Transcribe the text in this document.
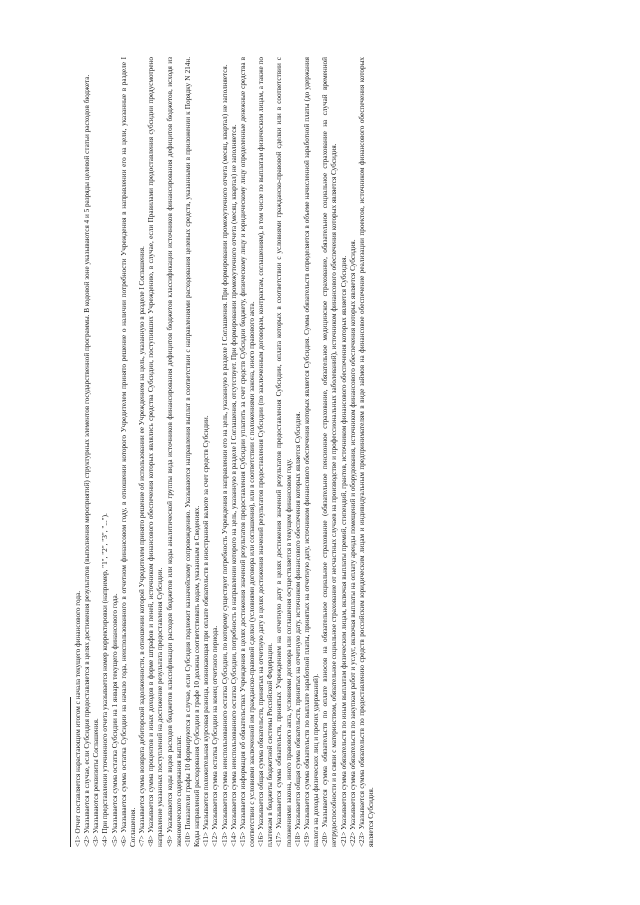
<1> Отчет составляется нарастающим итогом с начала текущего финансового года. <2> Указывается в случае, если Субсидия предоставляется в целях достижения результатов (выполнения мероприятий) структурных элементов государственной программы. В кодовой зоне указываются 4 и 5 разряды целевой статьи расходов бюджета. <3> Указываются реквизиты Соглашения. <4> При представлении уточненного отчета указывается номер корректировки (например, "1", "2", "3", "..."). <5> Указывается сумма остатка Субсидии на 1 января текущего финансового года. <6> Указывается сумма остатка Субсидии на начало года, неиспользованного в отчетном финансовом году, в отношении которого Учредителем принято решение о наличии потребности Учреждения в направлении его на цели, указанные в разделе I Соглашения. <7> Указывается сумма возврата дебиторской задолженности, в отношении которой Учредителем принято решение об использовании ее Учреждением на цель, указанную в разделе I Соглашения. <8> Указывается сумма процентов и иных доходов в форме штрафов и пеней, источником финансового обеспечения которых являлись средства Субсидии, поступивших Учреждению, в случае, если Правилами предоставления субсидии предусмотрено направление указанных поступлений на достижение результата предоставления Субсидии. <9> Указываются коды видов расходов бюджетов классификации расходов бюджетов или коды аналитической группы вида источников финансирования дефицитов бюджетов классификации источников финансирования дефицитов бюджетов, исходя из экономического содержания выплат. <10> Показатели графы 10 формируются в случае, если Субсидия подлежит казначейскому сопровождению. Указываются направления выплат в соответствии с направлениями расходования целевых средств, указанными в приложении к Порядку N 214н. Коды направлений расходования Субсидии в графе 10 должны соответствовать кодам, указанным в Сведениях. <11> Указывается положительная курсовая разница, возникающая при оплате обязательств в иностранной валюте за счет средств Субсидии. <12> Указывается сумма остатка Субсидии на конец отчетного периода. <13> Указывается сумма неиспользованного остатка Субсидии, по которому существует потребность Учреждения в направлении его на цель, указанную в разделе I Соглашения. При формировании промежуточного отчета (месяц, квартал) не заполняется. <14> Указывается сумма неиспользованного остатка Субсидии, потребность в направлении которого на цель, указанную в разделе I Соглашения, отсутствует. При формировании промежуточного отчета (месяц, квартал) не заполняется. <15> Указывается информация об обязательствах Учреждения в целях достижения значений результатов предоставления Субсидии уплатить за счет средств Субсидии бюджету, физическому лицу и юридическому лицу определенные денежные средства в соответствии с условиями заключенной им гражданско-правовой сделки (условиями договора или соглашения), или в соответствии с положениями закона, иного правового акта. <16> Указывается общая сумма обязательств, принятых на отчетную дату в целях достижения значений результатов предоставления Субсидии (по заключенным договорам, контрактам, соглашениям), в том числе по выплатам физическим лицам, а также по платежам в бюджеты бюджетной системы Российской Федерации. <17> Указывается сумма обязательств, принятых Учреждением на отчетную дату в целях достижения значений результатов предоставления Субсидии, оплата которых в соответствии с условиями гражданско-правовой сделки или в соответствии с положениями закона, иного правового акта, условиями договора или соглашения осуществляется в текущем финансовом году. <18> Указывается общая сумма обязательств, принятых на отчетную дату, источником финансового обеспечения которых является Субсидия. <19> Указывается сумма обязательств по выплате заработной платы, принятых на отчетную дату, источником финансового обеспечения которых является Субсидия. Сумма обязательств определяется в объеме начисленной заработной платы (до удержания налога на доходы физических лиц и прочих удержаний). <20> Указывается сумма обязательств по оплате взносов на обязательное социальное страхование (обязательное пенсионное страхование, обязательное медицинское страхование, обязательное социальное страхование на случай временной нетрудоспособности и в связи с материнством, обязательное социальное страхование от несчастных случаев на производстве и профессиональных заболеваний), источником финансового обеспечения которых является Субсидия. <21> Указывается сумма обязательств по иным выплатам физическим лицам, включая выплаты премий, стипендий, грантов, источником финансового обеспечения которых является Субсидия. <22> Указывается сумма обязательств по закупкам работ и услуг, включая выплаты на оплату аренды помещений и оборудования, источником финансового обеспечения которых является Субсидия. <23> Указывается сумма обязательств по предоставлению средств российским юридическим лицам и индивидуальным предпринимателям в виде займов на финансовое обеспечение реализации проектов, источником финансового обеспечения которых является Субсидия.
